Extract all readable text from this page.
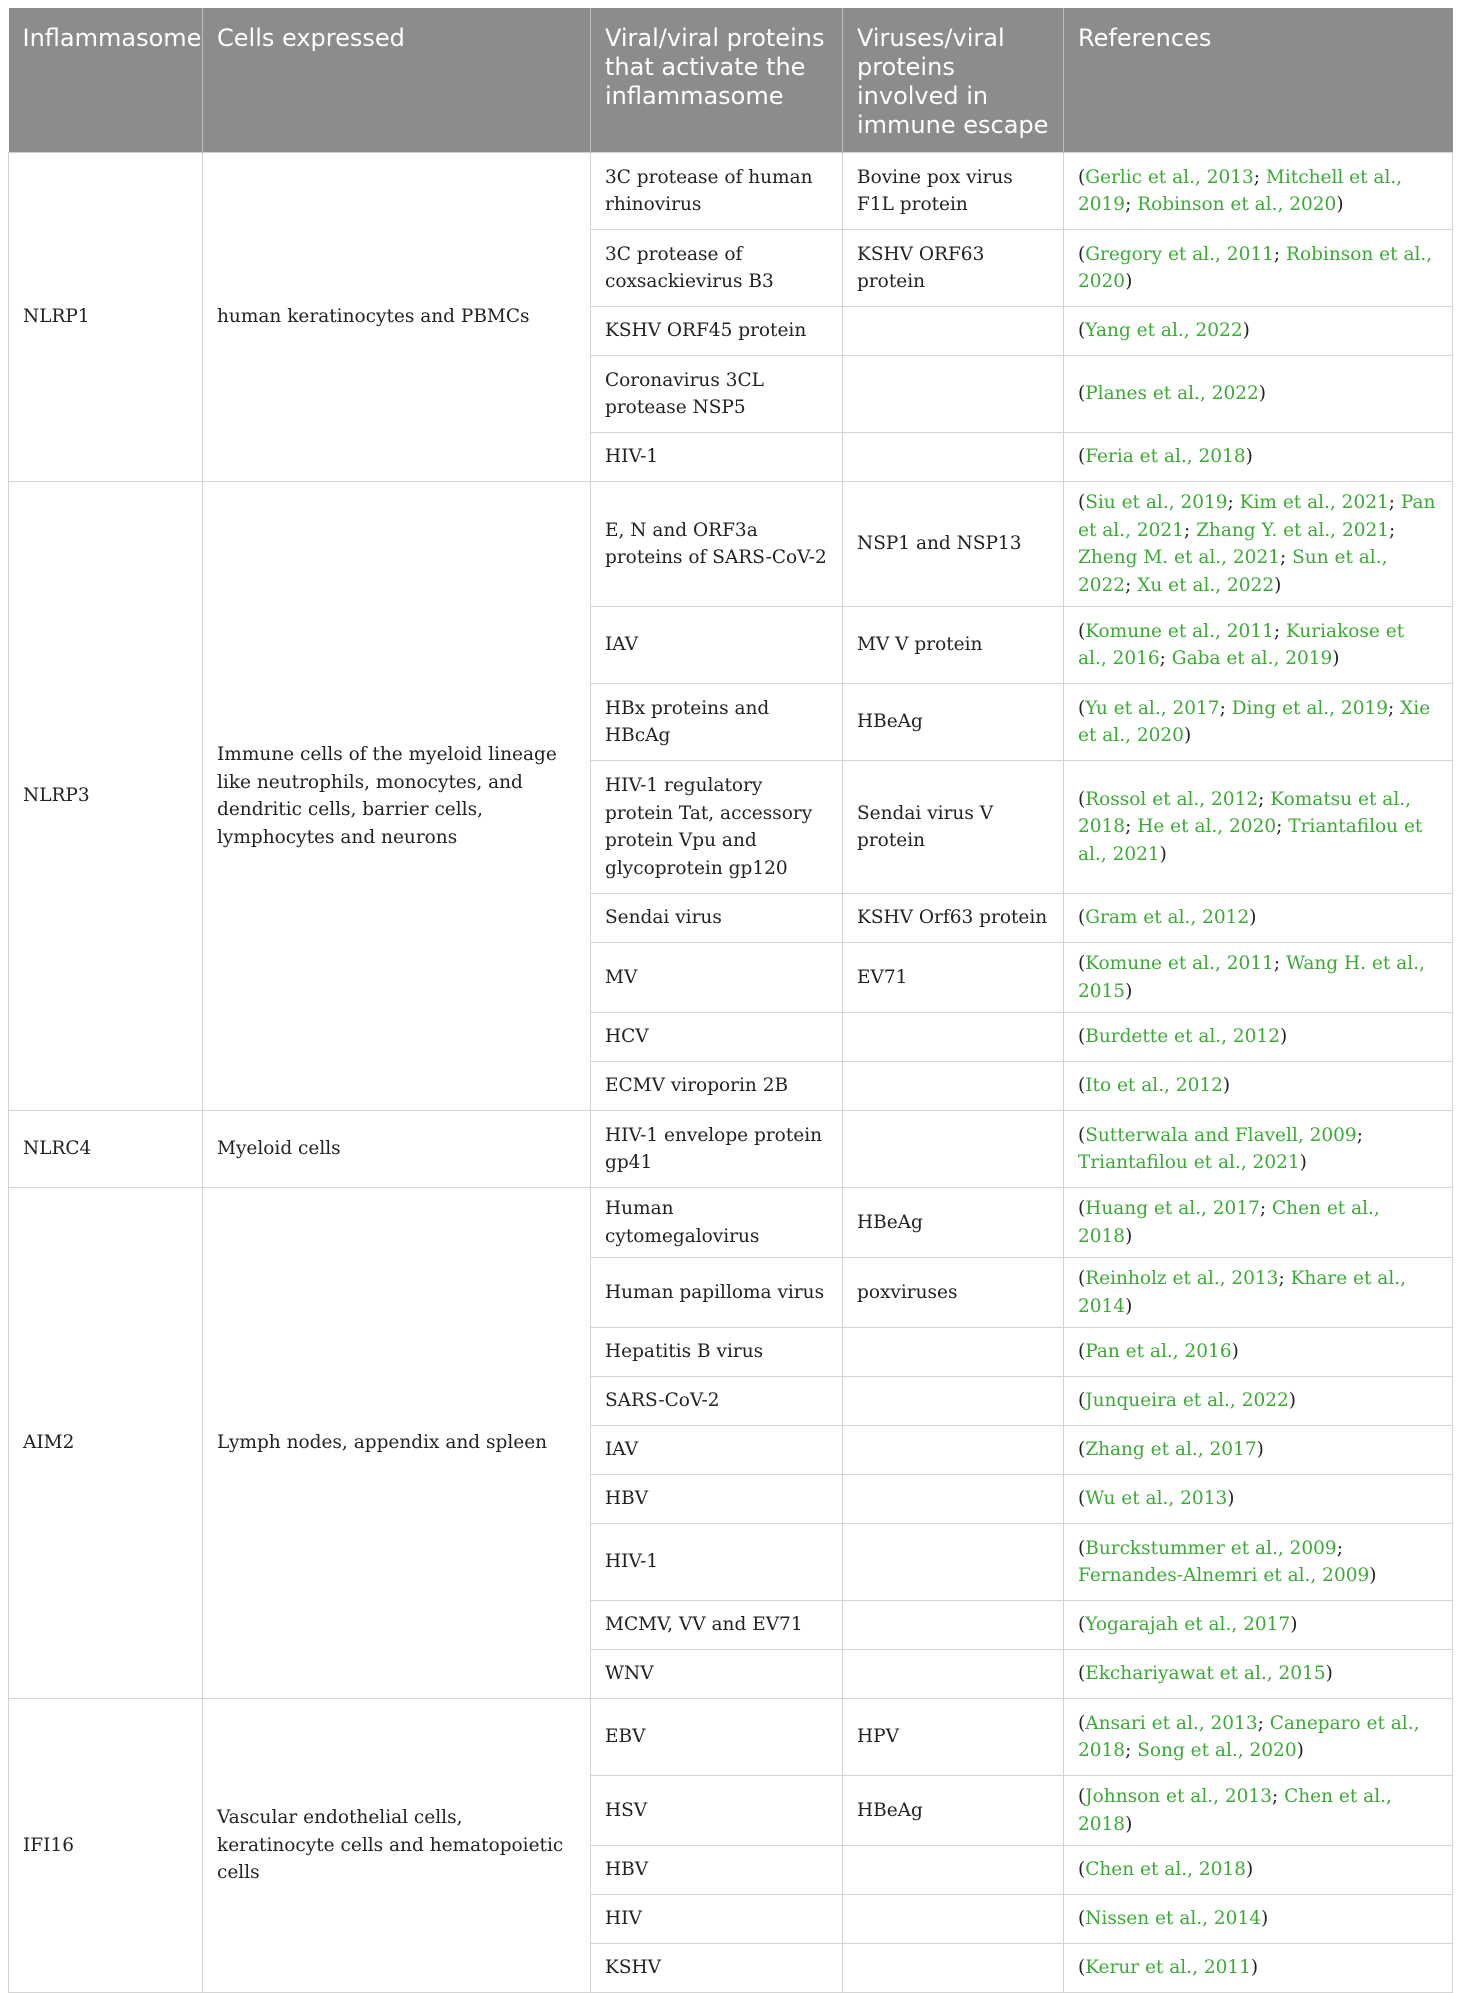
Inflammasome	Cells expressed	Viral/viral proteins that activate the inflammasome	Viruses/viral proteins involved in immune escape	References
NLRP1	human keratinocytes and PBMCs	3C protease of human rhinovirus	Bovine pox virus F1L protein	(Gerlic et al., 2013; Mitchell et al., 2019; Robinson et al., 2020)
		3C protease of coxsackievirus B3	KSHV ORF63 protein	(Gregory et al., 2011; Robinson et al., 2020)
		KSHV ORF45 protein		(Yang et al., 2022)
		Coronavirus 3CL protease NSP5		(Planes et al., 2022)
		HIV-1		(Feria et al., 2018)
NLRP3	Immune cells of the myeloid lineage like neutrophils, monocytes, and dendritic cells, barrier cells, lymphocytes and neurons	E, N and ORF3a proteins of SARS-CoV-2	NSP1 and NSP13	(Siu et al., 2019; Kim et al., 2021; Pan et al., 2021; Zhang Y. et al., 2021; Zheng M. et al., 2021; Sun et al., 2022; Xu et al., 2022)
		IAV	MV V protein	(Komune et al., 2011; Kuriakose et al., 2016; Gaba et al., 2019)
		HBx proteins and HBcAg	HBeAg	(Yu et al., 2017; Ding et al., 2019; Xie et al., 2020)
		HIV-1 regulatory protein Tat, accessory protein Vpu and glycoprotein gp120	Sendai virus V protein	(Rossol et al., 2012; Komatsu et al., 2018; He et al., 2020; Triantafilou et al., 2021)
		Sendai virus	KSHV Orf63 protein	(Gram et al., 2012)
		MV	EV71	(Komune et al., 2011; Wang H. et al., 2015)
		HCV		(Burdette et al., 2012)
		ECMV viroporin 2B		(Ito et al., 2012)
NLRC4	Myeloid cells	HIV-1 envelope protein gp41		(Sutterwala and Flavell, 2009; Triantafilou et al., 2021)
AIM2	Lymph nodes, appendix and spleen	Human cytomegalovirus	HBeAg	(Huang et al., 2017; Chen et al., 2018)
		Human papilloma virus	poxviruses	(Reinholz et al., 2013; Khare et al., 2014)
		Hepatitis B virus		(Pan et al., 2016)
		SARS-CoV-2		(Junqueira et al., 2022)
		IAV		(Zhang et al., 2017)
		HBV		(Wu et al., 2013)
		HIV-1		(Burckstummer et al., 2009; Fernandes-Alnemri et al., 2009)
		MCMV, VV and EV71		(Yogarajah et al., 2017)
		WNV		(Ekchariyawat et al., 2015)
IFI16	Vascular endothelial cells, keratinocyte cells and hematopoietic cells	EBV	HPV	(Ansari et al., 2013; Caneparo et al., 2018; Song et al., 2020)
		HSV	HBeAg	(Johnson et al., 2013; Chen et al., 2018)
		HBV		(Chen et al., 2018)
		HIV		(Nissen et al., 2014)
		KSHV		(Kerur et al., 2011)
